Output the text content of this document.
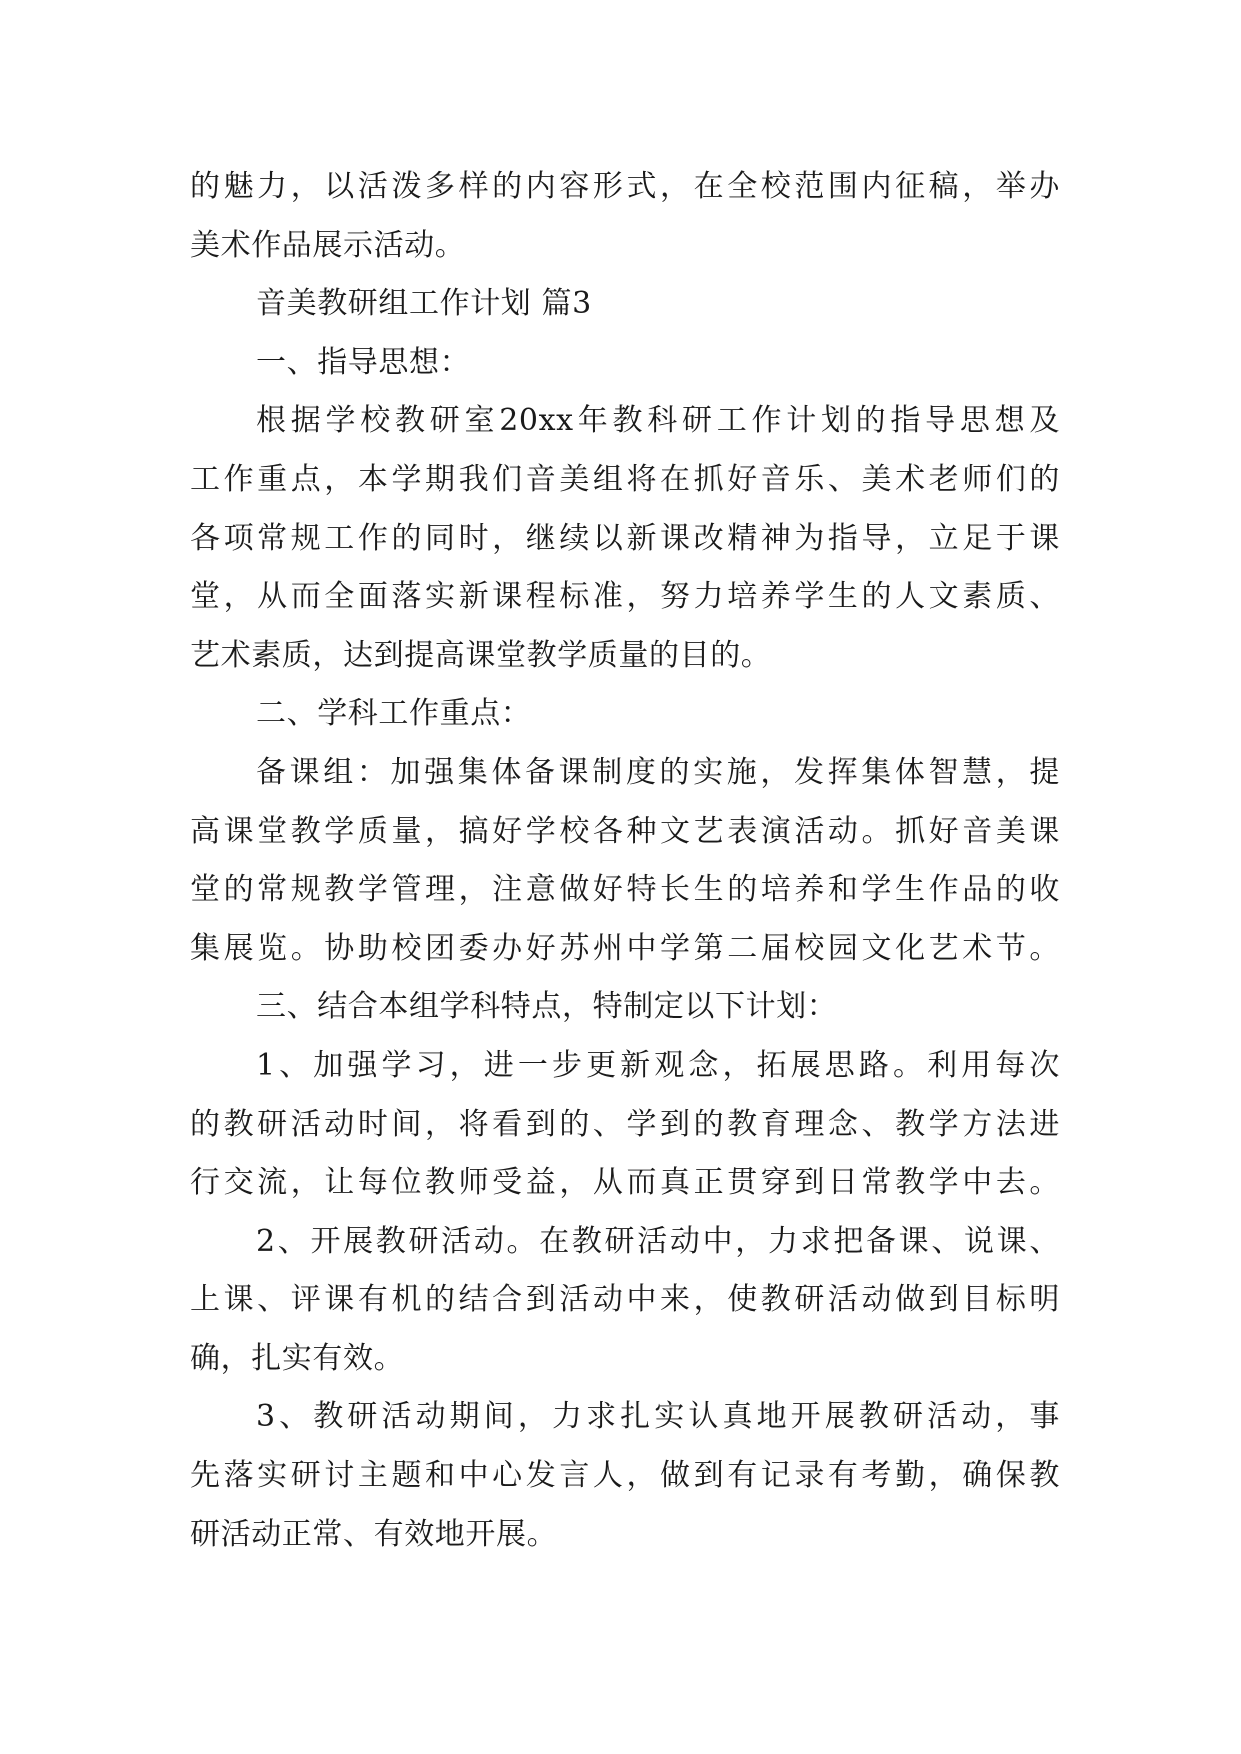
的魅力，以活泼多样的内容形式，在全校范围内征稿，举办
美术作品展示活动。
音美教研组工作计划 篇3
一、指导思想：
根据学校教研室20xx年教科研工作计划的指导思想及
工作重点，本学期我们音美组将在抓好音乐、美术老师们的
各项常规工作的同时，继续以新课改精神为指导，立足于课
堂，从而全面落实新课程标准，努力培养学生的人文素质、
艺术素质，达到提高课堂教学质量的目的。
二、学科工作重点：
备课组：加强集体备课制度的实施，发挥集体智慧，提
高课堂教学质量，搞好学校各种文艺表演活动。抓好音美课
堂的常规教学管理，注意做好特长生的培养和学生作品的收
集展览。协助校团委办好苏州中学第二届校园文化艺术节。
三、结合本组学科特点，特制定以下计划：
1、加强学习，进一步更新观念，拓展思路。利用每次
的教研活动时间，将看到的、学到的教育理念、教学方法进
行交流，让每位教师受益，从而真正贯穿到日常教学中去。
2、开展教研活动。在教研活动中，力求把备课、说课、
上课、评课有机的结合到活动中来，使教研活动做到目标明
确，扎实有效。
3、教研活动期间，力求扎实认真地开展教研活动，事
先落实研讨主题和中心发言人，做到有记录有考勤，确保教
研活动正常、有效地开展。
